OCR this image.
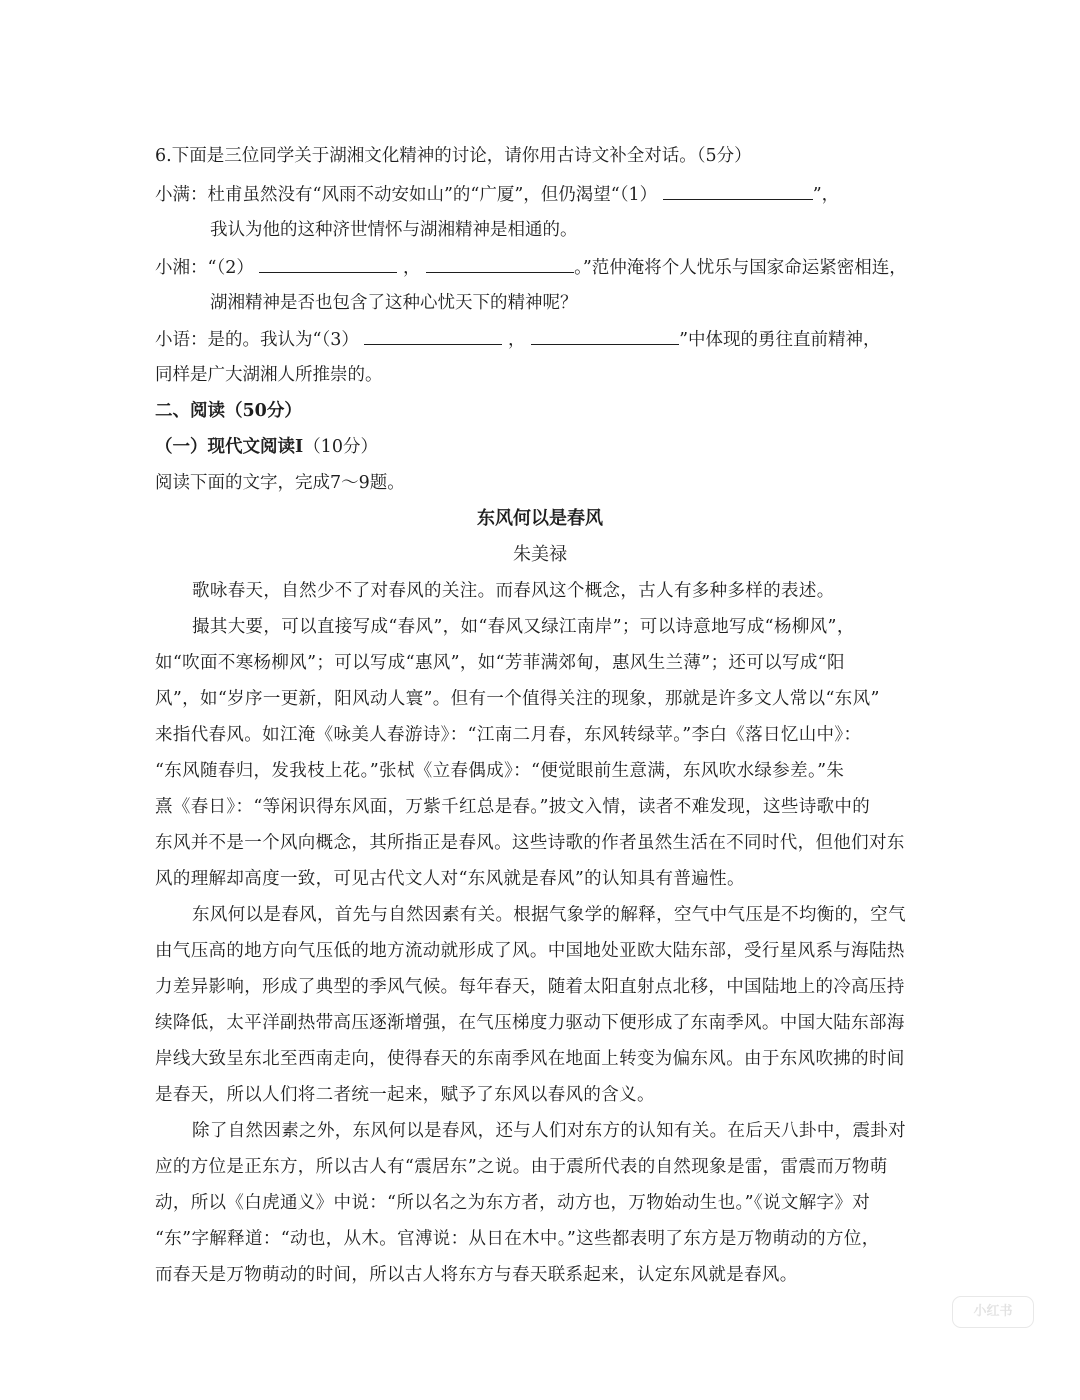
6.下面是三位同学关于湖湘文化精神的讨论，请你用古诗文补全对话。（5分）
小满：杜甫虽然没有“风雨不动安如山”的“广厦”，但仍渴望“（1）	”，
我认为他的这种济世情怀与湖湘精神是相通的。
小湘：“（2）	，	。”范仲淹将个人忧乐与国家命运紧密相连，
湖湘精神是否也包含了这种心忧天下的精神呢？
小语：是的。我认为“（3）	，	”中体现的勇往直前精神，
同样是广大湖湘人所推崇的。
二、阅读（50分）
（一）现代文阅读Ⅰ（10分）
阅读下面的文字，完成7～9题。
东风何以是春风
朱美禄
歌咏春天，自然少不了对春风的关注。而春风这个概念，古人有多种多样的表述。
撮其大要，可以直接写成“春风”，如“春风又绿江南岸”；可以诗意地写成“杨柳风”，
如“吹面不寒杨柳风”；可以写成“惠风”，如“芳菲满郊甸，惠风生兰薄”；还可以写成“阳
风”，如“岁序一更新，阳风动人寰”。但有一个值得关注的现象，那就是许多文人常以“东风”
来指代春风。如江淹《咏美人春游诗》：“江南二月春，东风转绿苹。”李白《落日忆山中》：
“东风随春归，发我枝上花。”张栻《立春偶成》：“便觉眼前生意满，东风吹水绿参差。”朱
熹《春日》：“等闲识得东风面，万紫千红总是春。”披文入情，读者不难发现，这些诗歌中的
东风并不是一个风向概念，其所指正是春风。这些诗歌的作者虽然生活在不同时代，但他们对东
风的理解却高度一致，可见古代文人对“东风就是春风”的认知具有普遍性。
东风何以是春风，首先与自然因素有关。根据气象学的解释，空气中气压是不均衡的，空气
由气压高的地方向气压低的地方流动就形成了风。中国地处亚欧大陆东部，受行星风系与海陆热
力差异影响，形成了典型的季风气候。每年春天，随着太阳直射点北移，中国陆地上的冷高压持
续降低，太平洋副热带高压逐渐增强，在气压梯度力驱动下便形成了东南季风。中国大陆东部海
岸线大致呈东北至西南走向，使得春天的东南季风在地面上转变为偏东风。由于东风吹拂的时间
是春天，所以人们将二者统一起来，赋予了东风以春风的含义。
除了自然因素之外，东风何以是春风，还与人们对东方的认知有关。在后天八卦中，震卦对
应的方位是正东方，所以古人有“震居东”之说。由于震所代表的自然现象是雷，雷震而万物萌
动，所以《白虎通义》中说：“所以名之为东方者，动方也，万物始动生也。”《说文解字》对
“东”字解释道：“动也，从木。官溥说：从日在木中。”这些都表明了东方是万物萌动的方位，
而春天是万物萌动的时间，所以古人将东方与春天联系起来，认定东风就是春风。
小红书
